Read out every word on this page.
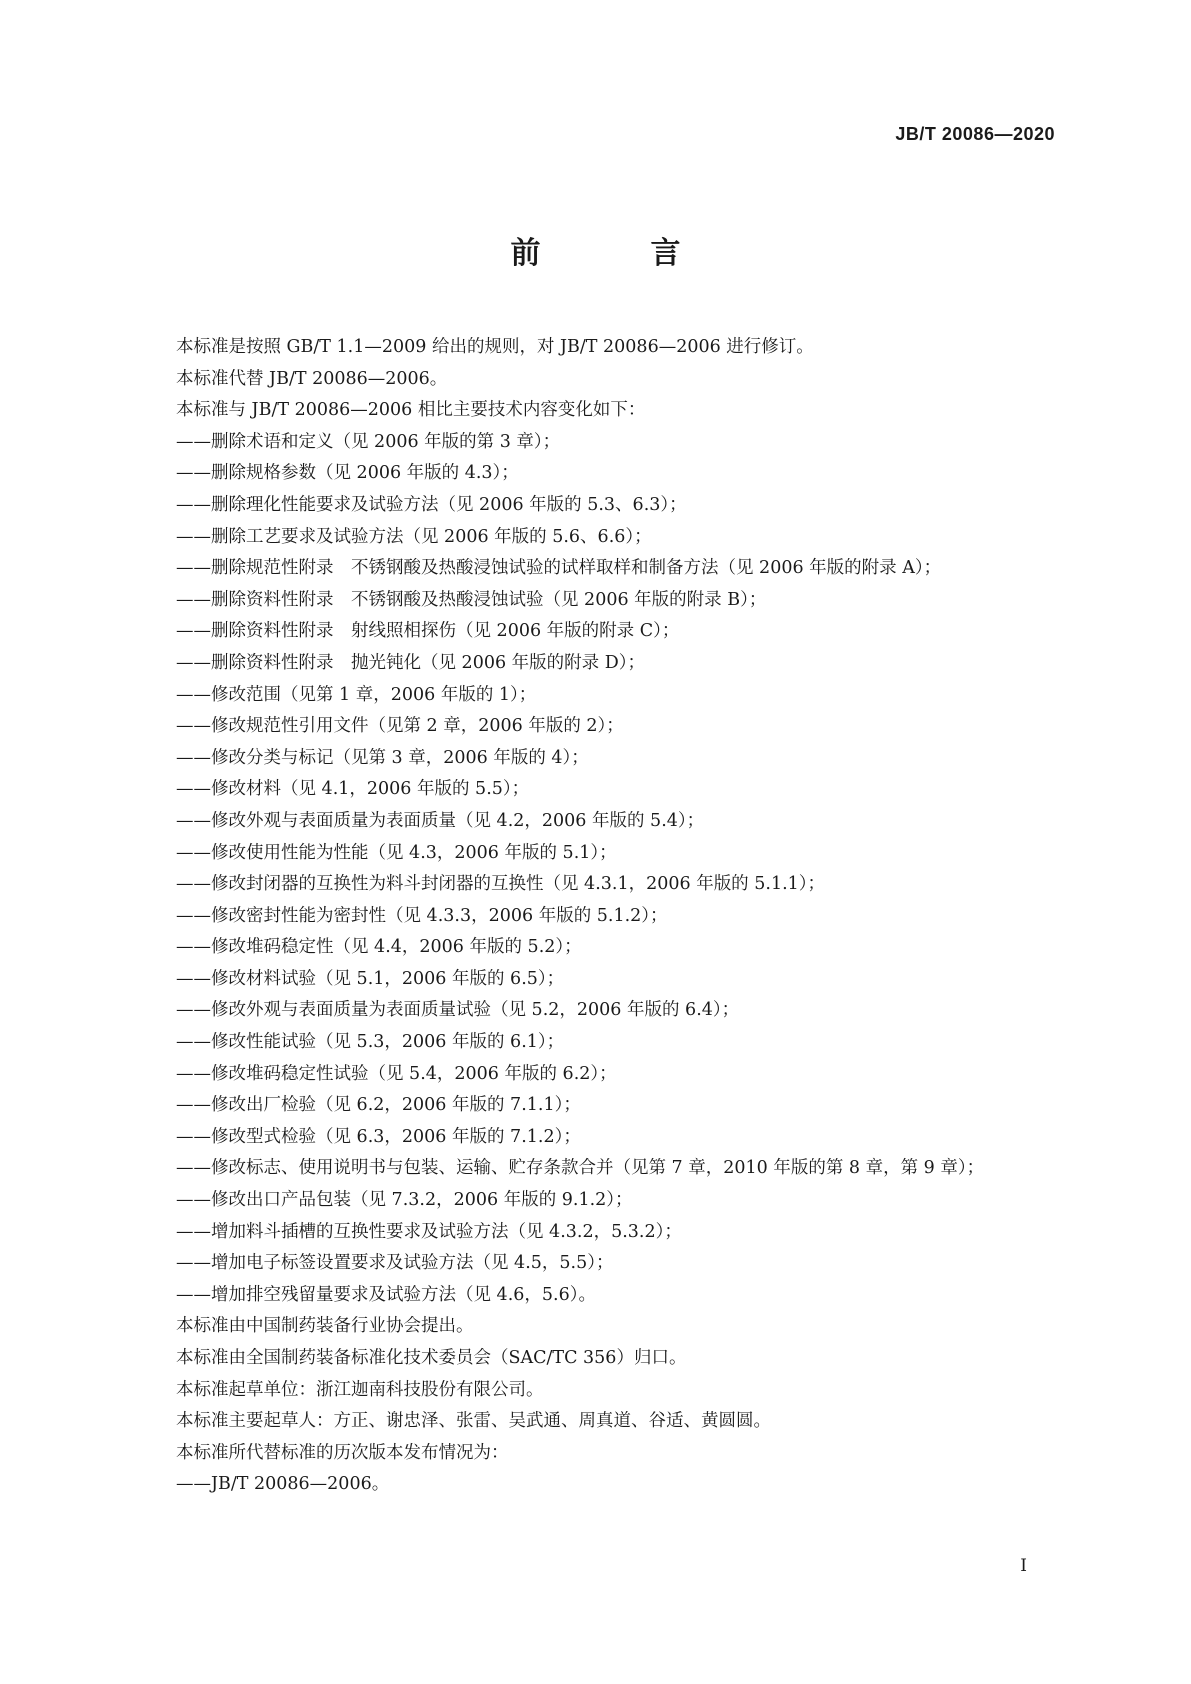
JB/T 20086—2020
前　言
本标准是按照 GB/T 1.1—2009 给出的规则，对 JB/T 20086—2006 进行修订。
本标准代替 JB/T 20086—2006。
本标准与 JB/T 20086—2006 相比主要技术内容变化如下：
——删除术语和定义（见 2006 年版的第 3 章）；
——删除规格参数（见 2006 年版的 4.3）；
——删除理化性能要求及试验方法（见 2006 年版的 5.3、6.3）；
——删除工艺要求及试验方法（见 2006 年版的 5.6、6.6）；
——删除规范性附录　不锈钢酸及热酸浸蚀试验的试样取样和制备方法（见 2006 年版的附录 A）；
——删除资料性附录　不锈钢酸及热酸浸蚀试验（见 2006 年版的附录 B）；
——删除资料性附录　射线照相探伤（见 2006 年版的附录 C）；
——删除资料性附录　抛光钝化（见 2006 年版的附录 D）；
——修改范围（见第 1 章，2006 年版的 1）；
——修改规范性引用文件（见第 2 章，2006 年版的 2）；
——修改分类与标记（见第 3 章，2006 年版的 4）；
——修改材料（见 4.1，2006 年版的 5.5）；
——修改外观与表面质量为表面质量（见 4.2，2006 年版的 5.4）；
——修改使用性能为性能（见 4.3，2006 年版的 5.1）；
——修改封闭器的互换性为料斗封闭器的互换性（见 4.3.1，2006 年版的 5.1.1）；
——修改密封性能为密封性（见 4.3.3，2006 年版的 5.1.2）；
——修改堆码稳定性（见 4.4，2006 年版的 5.2）；
——修改材料试验（见 5.1，2006 年版的 6.5）；
——修改外观与表面质量为表面质量试验（见 5.2，2006 年版的 6.4）；
——修改性能试验（见 5.3，2006 年版的 6.1）；
——修改堆码稳定性试验（见 5.4，2006 年版的 6.2）；
——修改出厂检验（见 6.2，2006 年版的 7.1.1）；
——修改型式检验（见 6.3，2006 年版的 7.1.2）；
——修改标志、使用说明书与包装、运输、贮存条款合并（见第 7 章，2010 年版的第 8 章，第 9 章）；
——修改出口产品包装（见 7.3.2，2006 年版的 9.1.2）；
——增加料斗插槽的互换性要求及试验方法（见 4.3.2，5.3.2）；
——增加电子标签设置要求及试验方法（见 4.5，5.5）；
——增加排空残留量要求及试验方法（见 4.6，5.6）。
本标准由中国制药装备行业协会提出。
本标准由全国制药装备标准化技术委员会（SAC/TC 356）归口。
本标准起草单位：浙江迦南科技股份有限公司。
本标准主要起草人：方正、谢忠泽、张雷、吴武通、周真道、谷适、黄圆圆。
本标准所代替标准的历次版本发布情况为：
——JB/T 20086—2006。
I
